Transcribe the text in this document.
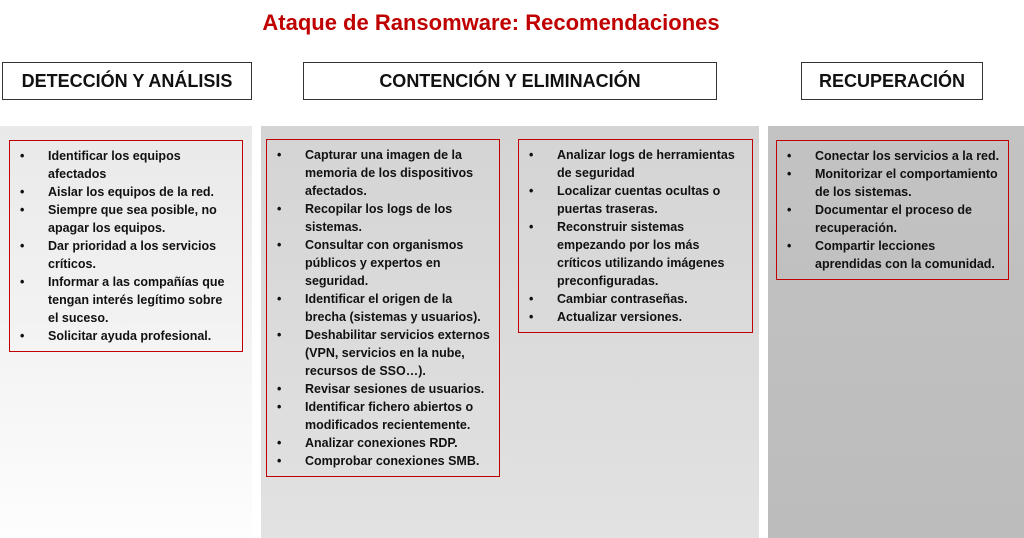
Ataque de Ransomware: Recomendaciones
DETECCIÓN Y ANÁLISIS	CONTENCIÓN Y ELIMINACIÓN	RECUPERACIÓN
• Identificar los equipos afectados
• Aislar los equipos de la red.
• Siempre que sea posible, no apagar los equipos.
• Dar prioridad a los servicios críticos.
• Informar a las compañías que tengan interés legítimo sobre el suceso.
• Solicitar ayuda profesional.
• Capturar una imagen de la memoria de los dispositivos afectados.
• Recopilar los logs de los sistemas.
• Consultar con organismos públicos y expertos en seguridad.
• Identificar el origen de la brecha (sistemas y usuarios).
• Deshabilitar servicios externos (VPN, servicios en la nube, recursos de SSO…).
• Revisar sesiones de usuarios.
• Identificar fichero abiertos o modificados recientemente.
• Analizar conexiones RDP.
• Comprobar conexiones SMB.
• Analizar logs de herramientas de seguridad
• Localizar cuentas ocultas o puertas traseras.
• Reconstruir sistemas empezando por los más críticos utilizando imágenes preconfiguradas.
• Cambiar contraseñas.
• Actualizar versiones.
• Conectar los servicios a la red.
• Monitorizar el comportamiento de los sistemas.
• Documentar el proceso de recuperación.
• Compartir lecciones aprendidas con la comunidad.
